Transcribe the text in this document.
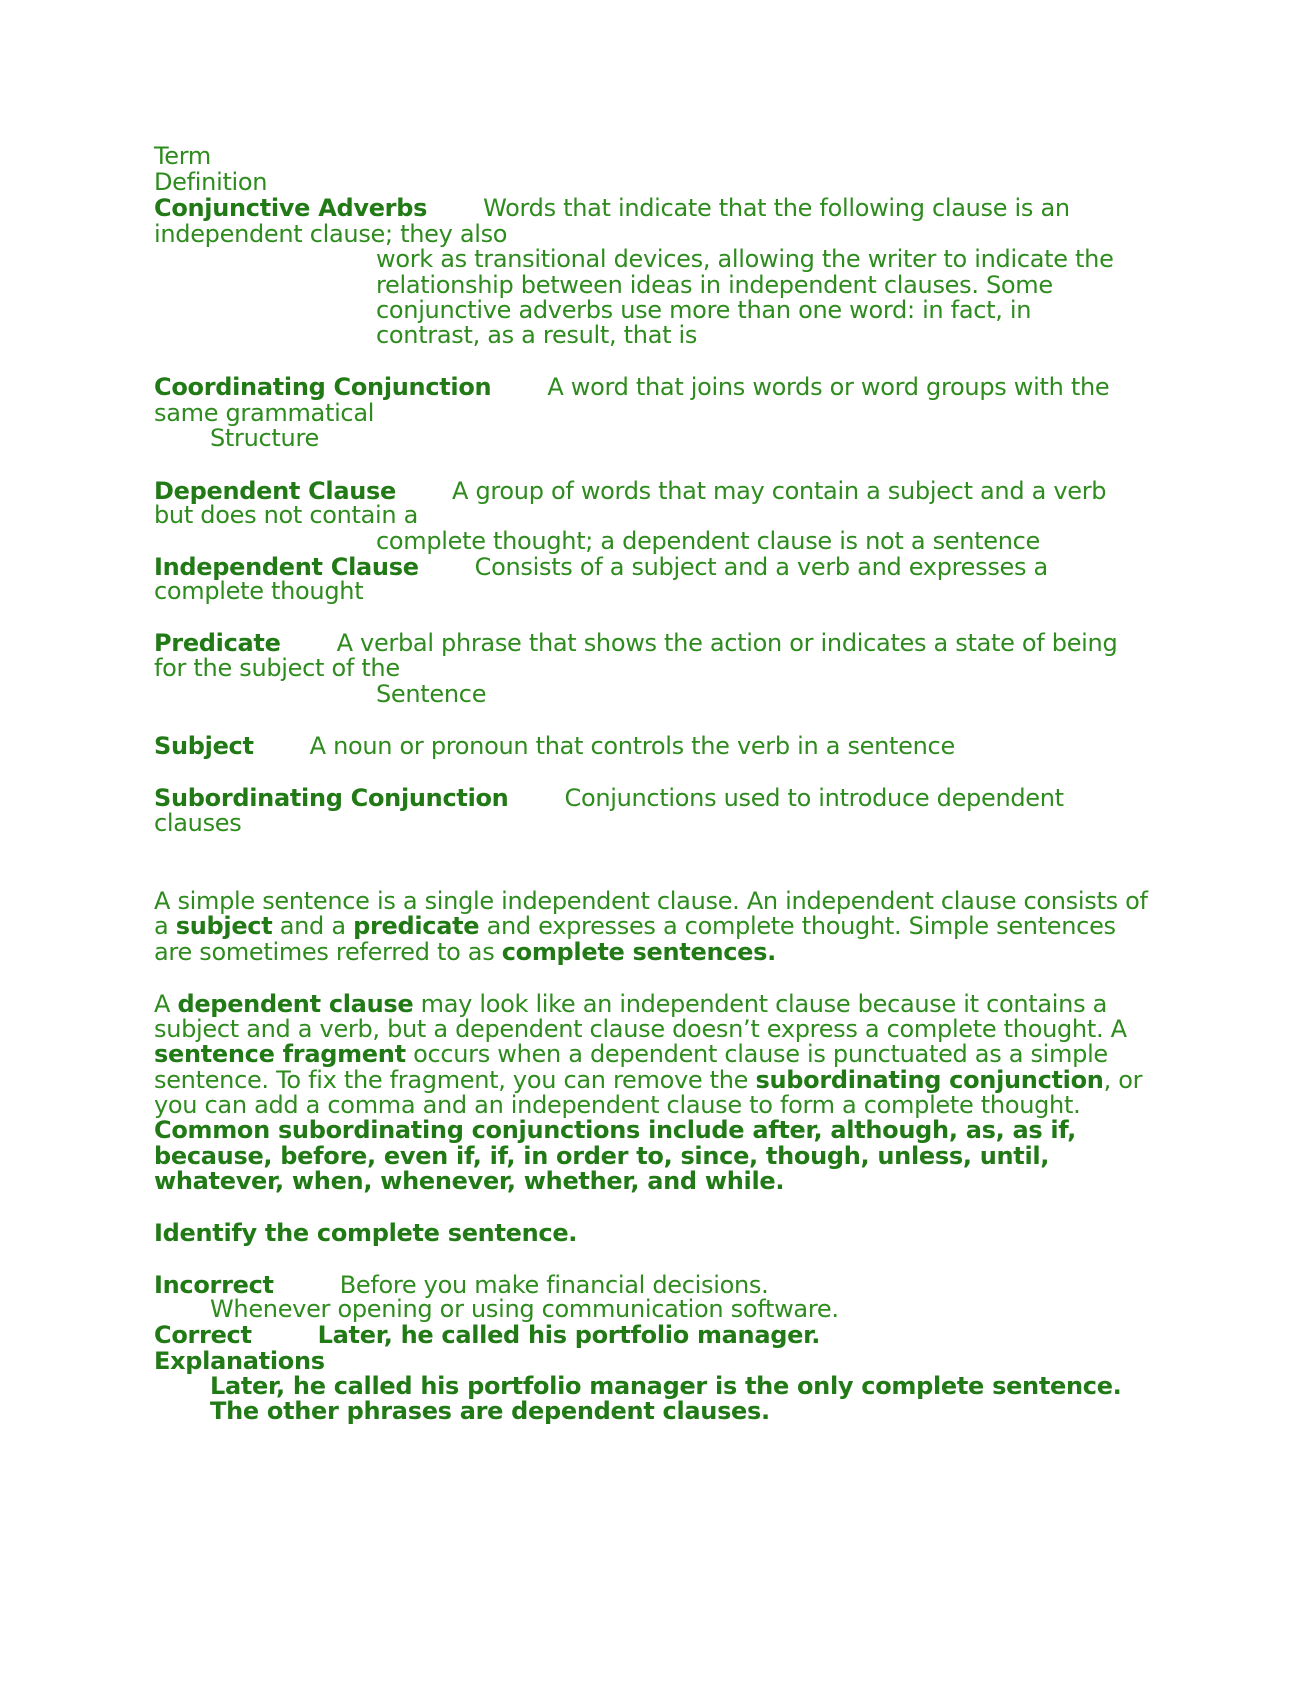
Term
Definition
Conjunctive Adverbs Words that indicate that the following clause is an
independent clause; they also
work as transitional devices, allowing the writer to indicate the
relationship between ideas in independent clauses. Some
conjunctive adverbs use more than one word: in fact, in
contrast, as a result, that is
Coordinating Conjunction A word that joins words or word groups with the
same grammatical
Structure
Dependent Clause A group of words that may contain a subject and a verb
but does not contain a
complete thought; a dependent clause is not a sentence
Independent Clause Consists of a subject and a verb and expresses a
complete thought
Predicate A verbal phrase that shows the action or indicates a state of being
for the subject of the
Sentence
Subject A noun or pronoun that controls the verb in a sentence
Subordinating Conjunction Conjunctions used to introduce dependent
clauses
A simple sentence is a single independent clause. An independent clause consists of
a subject and a predicate and expresses a complete thought. Simple sentences
are sometimes referred to as complete sentences.
A dependent clause may look like an independent clause because it contains a
subject and a verb, but a dependent clause doesn’t express a complete thought. A
sentence fragment occurs when a dependent clause is punctuated as a simple
sentence. To fix the fragment, you can remove the subordinating conjunction, or
you can add a comma and an independent clause to form a complete thought.
Common subordinating conjunctions include after, although, as, as if,
because, before, even if, if, in order to, since, though, unless, until,
whatever, when, whenever, whether, and while.
Identify the complete sentence.
Incorrect	Before you make financial decisions.
Whenever opening or using communication software.
Correct	Later, he called his portfolio manager.
Explanations
Later, he called his portfolio manager is the only complete sentence.
The other phrases are dependent clauses.
